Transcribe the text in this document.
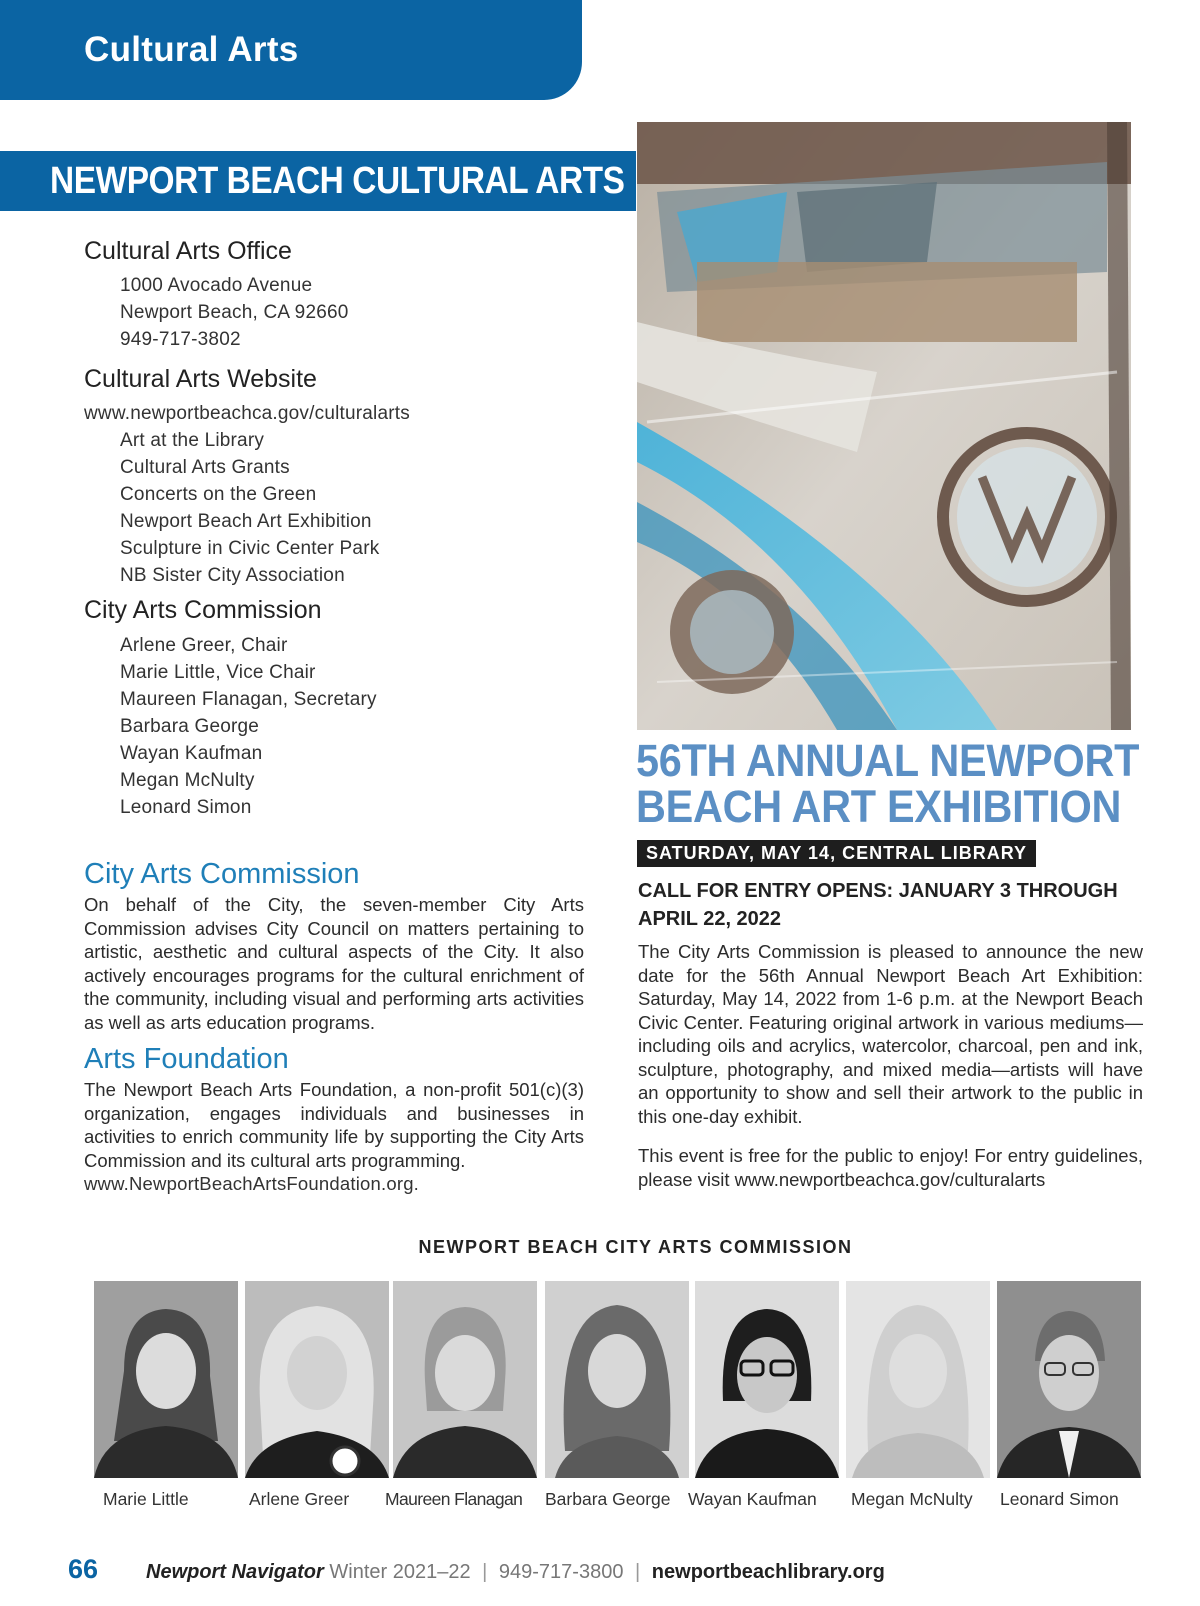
Cultural Arts
NEWPORT BEACH CULTURAL ARTS
Cultural Arts Office
1000 Avocado Avenue
Newport Beach, CA 92660
949-717-3802
Cultural Arts Website
www.newportbeachca.gov/culturalarts
Art at the Library
Cultural Arts Grants
Concerts on the Green
Newport Beach Art Exhibition
Sculpture in Civic Center Park
NB Sister City Association
City Arts Commission
Arlene Greer, Chair
Marie Little, Vice Chair
Maureen Flanagan, Secretary
Barbara George
Wayan Kaufman
Megan McNulty
Leonard Simon
City Arts Commission

On behalf of the City, the seven-member City Arts Commission advises City Council on matters pertaining to artistic, aesthetic and cultural aspects of the City. It also actively encourages programs for the cultural enrichment of the community, including visual and performing arts activities as well as arts education programs.

Arts Foundation

The Newport Beach Arts Foundation, a non-profit 501(c)(3) organization, engages individuals and businesses in activities to enrich community life by supporting the City Arts Commission and its cultural arts programming.

www.NewportBeachArtsFoundation.org.
56TH ANNUAL NEWPORT
BEACH ART EXHIBITION
SATURDAY, MAY 14, CENTRAL LIBRARY
CALL FOR ENTRY OPENS: JANUARY 3 THROUGH APRIL 22, 2022

The City Arts Commission is pleased to announce the new date for the 56th Annual Newport Beach Art Exhibition: Saturday, May 14, 2022 from 1-6 p.m. at the Newport Beach Civic Center. Featuring original artwork in various mediums—including oils and acrylics, watercolor, charcoal, pen and ink, sculpture, photography, and mixed media—artists will have an opportunity to show and sell their artwork to the public in this one-day exhibit.

This event is free for the public to enjoy! For entry guidelines, please visit www.newportbeachca.gov/culturalarts

NEWPORT BEACH CITY ARTS COMMISSION
Marie Little	Arlene Greer Maureen Flanagan Barbara George Wayan Kaufman Megan McNulty Leonard Simon
66 Newport Navigator Winter 2021–22 | 949-717-3800 | newportbeachlibrary.org
